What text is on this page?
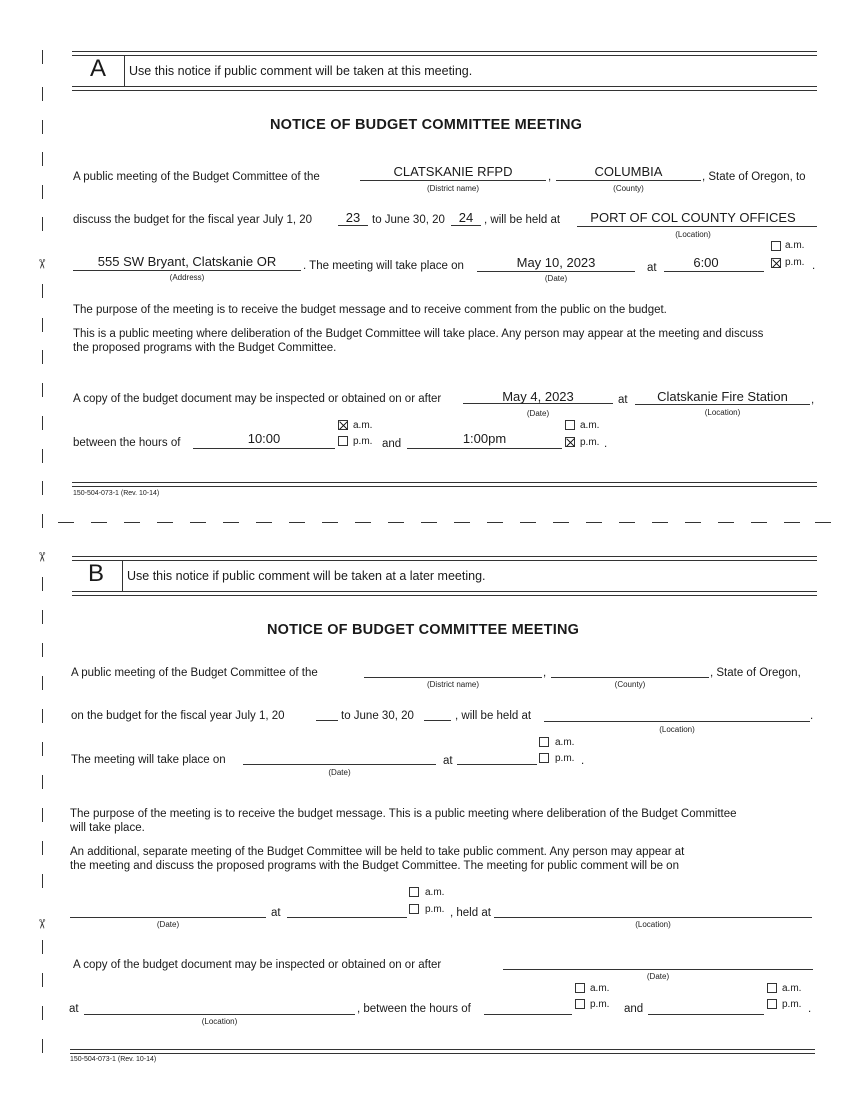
✂
✂
✂
A Use this notice if public comment will be taken at this meeting.
NOTICE OF BUDGET COMMITTEE MEETING
A public meeting of the Budget Committee of the	CLATSKANIE RFPD
(District name)
,	COLUMBIA
(County)
, State of Oregon, to
discuss the budget for the fiscal year July 1, 20	23	to June 30, 20	24 , will be held at	PORT OF COL COUNTY OFFICES
(Location)
555 SW Bryant, Clatskanie OR
(Address)
. The meeting will take place on	May 10, 2023
(Date)
at	6:00
a.m.
p.m. .
The purpose of the meeting is to receive the budget message and to receive comment from the public on the budget.
This is a public meeting where deliberation of the Budget Committee will take place. Any person may appear at the meeting and discuss
the proposed programs with the Budget Committee.
A copy of the budget document may be inspected or obtained on or after	May 4, 2023
(Date)
at	Clatskanie Fire Station
(Location)
,
between the hours of	10:00
a.m.
p.m. and	1:00pm
a.m.
p.m. .
150-504-073-1 (Rev. 10-14)
B Use this notice if public comment will be taken at a later meeting.
NOTICE OF BUDGET COMMITTEE MEETING
A public meeting of the Budget Committee of the
(District name)
,
(County)
, State of Oregon,
on the budget for the fiscal year July 1, 20	to June 30, 20	, will be held at
(Location)
.
The meeting will take place on
(Date)
at
a.m.
p.m. .
The purpose of the meeting is to receive the budget message. This is a public meeting where deliberation of the Budget Committee
will take place.
An additional, separate meeting of the Budget Committee will be held to take public comment. Any person may appear at
the meeting and discuss the proposed programs with the Budget Committee. The meeting for public comment will be on
(Date)
at
a.m.
p.m. , held at
(Location)
A copy of the budget document may be inspected or obtained on or after
(Date)
at
(Location)
, between the hours of
a.m.
p.m. and
a.m.
p.m. .
150-504-073-1 (Rev. 10-14)
